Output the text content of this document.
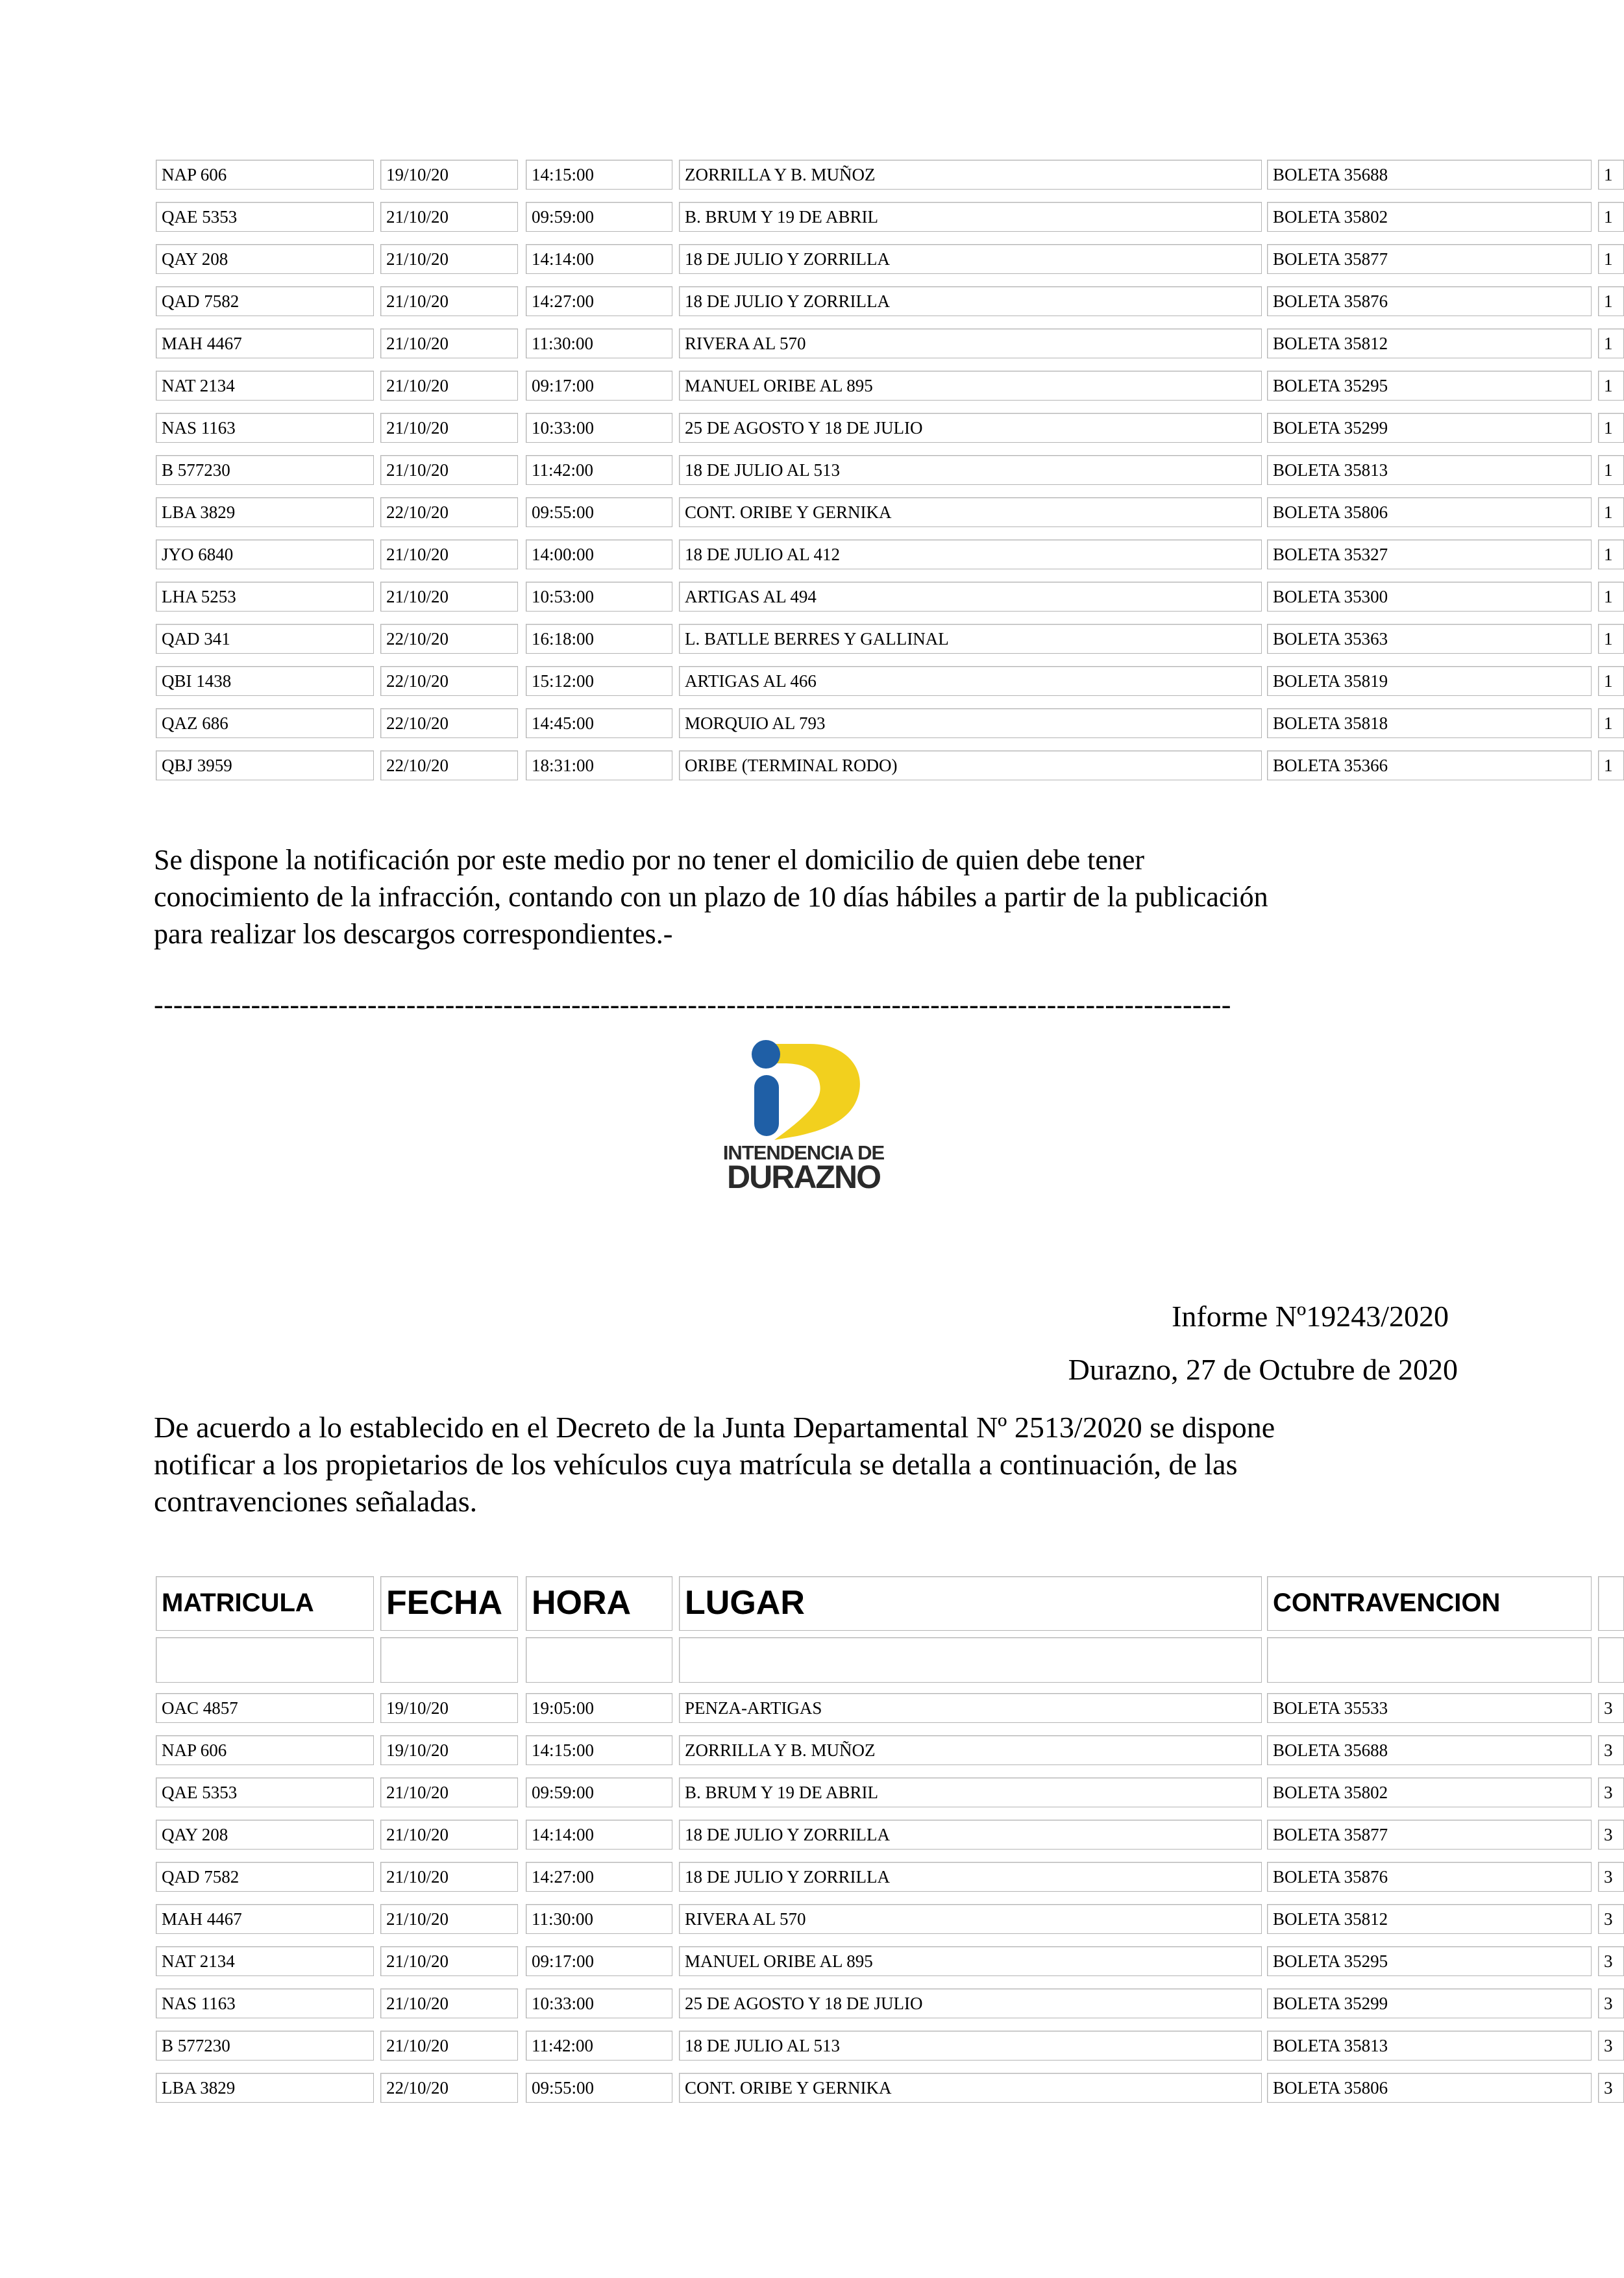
NAP 606	19/10/20	14:15:00	ZORRILLA Y B. MUÑOZ	BOLETA 35688	1
QAE 5353	21/10/20	09:59:00	B. BRUM Y 19 DE ABRIL	BOLETA 35802	1
QAY 208	21/10/20	14:14:00	18 DE JULIO Y ZORRILLA	BOLETA 35877	1
QAD 7582	21/10/20	14:27:00	18 DE JULIO Y ZORRILLA	BOLETA 35876	1
MAH 4467	21/10/20	11:30:00	RIVERA AL 570	BOLETA 35812	1
NAT 2134	21/10/20	09:17:00	MANUEL ORIBE AL 895	BOLETA 35295	1
NAS 1163	21/10/20	10:33:00	25 DE AGOSTO Y 18 DE JULIO	BOLETA 35299	1
B 577230	21/10/20	11:42:00	18 DE JULIO AL 513	BOLETA 35813	1
LBA 3829	22/10/20	09:55:00	CONT. ORIBE Y GERNIKA	BOLETA 35806	1
JYO 6840	21/10/20	14:00:00	18 DE JULIO AL 412	BOLETA 35327	1
LHA 5253	21/10/20	10:53:00	ARTIGAS AL 494	BOLETA 35300	1
QAD 341	22/10/20	16:18:00	L. BATLLE BERRES Y GALLINAL	BOLETA 35363	1
QBI 1438	22/10/20	15:12:00	ARTIGAS AL 466	BOLETA 35819	1
QAZ 686	22/10/20	14:45:00	MORQUIO AL 793	BOLETA 35818	1
QBJ 3959	22/10/20	18:31:00	ORIBE (TERMINAL RODO)	BOLETA 35366	1
Se dispone la notificación por este medio por no tener el domicilio de quien debe tener
conocimiento de la infracción, contando con un plazo de 10 días hábiles a partir de la publicación
para realizar los descargos correspondientes.-
---------------------------------------------------------------------------------------------------------------
INTENDENCIA DE
DURAZNO
Informe Nº19243/2020
Durazno, 27 de Octubre de 2020
De acuerdo a lo establecido en el Decreto de la Junta Departamental Nº 2513/2020 se dispone
notificar a los propietarios de los vehículos cuya matrícula se detalla a continuación, de las
contravenciones señaladas.
MATRICULA	FECHA HORA	LUGAR	CONTRAVENCION
OAC 4857	19/10/20	19:05:00	PENZA-ARTIGAS	BOLETA 35533	3
NAP 606	19/10/20	14:15:00	ZORRILLA Y B. MUÑOZ	BOLETA 35688	3
QAE 5353	21/10/20	09:59:00	B. BRUM Y 19 DE ABRIL	BOLETA 35802	3
QAY 208	21/10/20	14:14:00	18 DE JULIO Y ZORRILLA	BOLETA 35877	3
QAD 7582	21/10/20	14:27:00	18 DE JULIO Y ZORRILLA	BOLETA 35876	3
MAH 4467	21/10/20	11:30:00	RIVERA AL 570	BOLETA 35812	3
NAT 2134	21/10/20	09:17:00	MANUEL ORIBE AL 895	BOLETA 35295	3
NAS 1163	21/10/20	10:33:00	25 DE AGOSTO Y 18 DE JULIO	BOLETA 35299	3
B 577230	21/10/20	11:42:00	18 DE JULIO AL 513	BOLETA 35813	3
LBA 3829	22/10/20	09:55:00	CONT. ORIBE Y GERNIKA	BOLETA 35806	3
